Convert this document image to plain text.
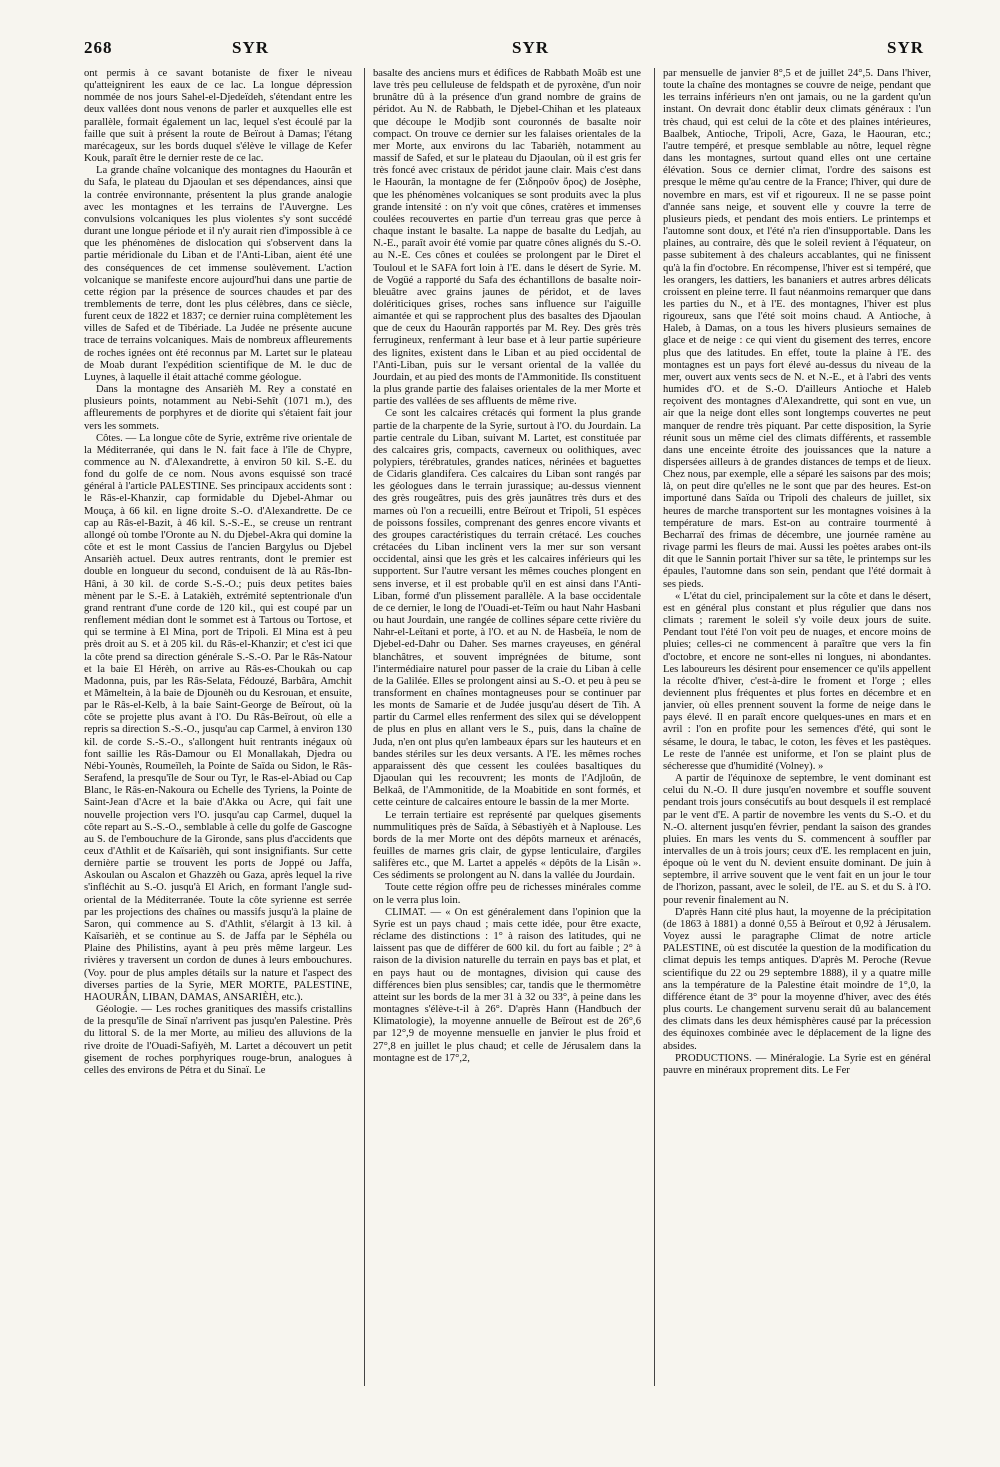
268	SYR	SYR	SYR

ont permis à ce savant botaniste de fixer le niveau qu'atteignirent les eaux de ce lac. La longue dépression nommée de nos jours Sahel-el-Djedeïdeh, s'étendant entre les deux vallées dont nous venons de parler et auxquelles elle est parallèle, formait également un lac, lequel s'est écoulé par la faille que suit à présent la route de Beïrout à Damas; l'étang marécageux, sur les bords duquel s'élève le village de Kefer Kouk, paraît être le dernier reste de ce lac.

La grande chaîne volcanique des montagnes du Haourân et du Safa, le plateau du Djaoulan et ses dépendances, ainsi que la contrée environnante, présentent la plus grande analogie avec les montagnes et les terrains de l'Auvergne. Les convulsions volcaniques les plus violentes s'y sont succédé durant une longue période et il n'y aurait rien d'impossible à ce que les phénomènes de dislocation qui s'observent dans la partie méridionale du Liban et de l'Anti-Liban, aient été une des conséquences de cet immense soulèvement. L'action volcanique se manifeste encore aujourd'hui dans une partie de cette région par la présence de sources chaudes et par des tremblements de terre, dont les plus célèbres, dans ce siècle, furent ceux de 1822 et 1837; ce dernier ruina complètement les villes de Safed et de Tibériade. La Judée ne présente aucune trace de terrains volcaniques. Mais de nombreux affleurements de roches ignées ont été reconnus par M. Lartet sur le plateau de Moab durant l'expédition scientifique de M. le duc de Luynes, à laquelle il était attaché comme géologue.

Dans la montagne des Ansarièh M. Rey a constaté en plusieurs points, notamment au Nebi-Sehît (1071 m.), des affleurements de porphyres et de diorite qui s'étaient fait jour vers les sommets.

Côtes. — La longue côte de Syrie, extrême rive orientale de la Méditerranée, qui dans le N. fait face à l'île de Chypre, commence au N. d'Alexandrette, à environ 50 kil. S.-E. du fond du golfe de ce nom. Nous avons esquissé son tracé général à l'article PALESTINE. Ses principaux accidents sont : le Râs-el-Khanzir, cap formidable du Djebel-Ahmar ou Mouça, à 66 kil. en ligne droite S.-O. d'Alexandrette. De ce cap au Râs-el-Bazit, à 46 kil. S.-S.-E., se creuse un rentrant allongé où tombe l'Oronte au N. du Djebel-Akra qui domine la côte et est le mont Cassius de l'ancien Bargylus ou Djebel Ansarièh actuel. Deux autres rentrants, dont le premier est double en longueur du second, conduisent de là au Râs-Ibn-Hâni, à 30 kil. de corde S.-S.-O.; puis deux petites baies mènent par le S.-E. à Latakièh, extrémité septentrionale d'un grand rentrant d'une corde de 120 kil., qui est coupé par un renflement médian dont le sommet est à Tartous ou Tortose, et qui se termine à El Mina, port de Tripoli. El Mina est à peu près droit au S. et à 205 kil. du Râs-el-Khanzir; et c'est ici que la côte prend sa direction générale S.-S.-O. Par le Râs-Natour et la baie El Hérèh, on arrive au Râs-es-Choukah ou cap Madonna, puis, par les Râs-Selata, Fédouzé, Barbâra, Amchit et Mâmeltein, à la baie de Djounèh ou du Kesrouan, et ensuite, par le Râs-el-Kelb, à la baie Saint-George de Beïrout, où la côte se projette plus avant à l'O. Du Râs-Beïrout, où elle a repris sa direction S.-S.-O., jusqu'au cap Carmel, à environ 130 kil. de corde S.-S.-O., s'allongent huit rentrants inégaux où font saillie les Râs-Damour ou El Monallakah, Djedra ou Nébi-Younès, Roumeïleh, la Pointe de Saïda ou Sidon, le Râs-Serafend, la presqu'île de Sour ou Tyr, le Ras-el-Abiad ou Cap Blanc, le Râs-en-Nakoura ou Echelle des Tyriens, la Pointe de Saint-Jean d'Acre et la baie d'Akka ou Acre, qui fait une nouvelle projection vers l'O. jusqu'au cap Carmel, duquel la côte repart au S.-S.-O., semblable à celle du golfe de Gascogne au S. de l'embouchure de la Gironde, sans plus d'accidents que ceux d'Athlit et de Kaïsarièh, qui sont insignifiants. Sur cette dernière partie se trouvent les ports de Joppé ou Jaffa, Askoulan ou Ascalon et Ghazzèh ou Gaza, après lequel la rive s'infléchit au S.-O. jusqu'à El Arich, en formant l'angle sud-oriental de la Méditerranée. Toute la côte syrienne est serrée par les projections des chaînes ou massifs jusqu'à la plaine de Saron, qui commence au S. d'Athlit, s'élargit à 13 kil. à Kaïsarièh, et se continue au S. de Jaffa par le Séphéla ou Plaine des Philistins, ayant à peu près même largeur. Les rivières y traversent un cordon de dunes à leurs embouchures. (Voy. pour de plus amples détails sur la nature et l'aspect des diverses parties de la Syrie, MER MORTE, PALESTINE, HAOURÂN, LIBAN, DAMAS, ANSARIÈH, etc.).

Géologie. — Les roches granitiques des massifs cristallins de la presqu'île de Sinaï n'arrivent pas jusqu'en Palestine. Près du littoral S. de la mer Morte, au milieu des alluvions de la rive droite de l'Ouadi-Safiyèh, M. Lartet a découvert un petit gisement de roches porphyriques rouge-brun, analogues à celles des environs de Pétra et du Sinaï. Le

basalte des anciens murs et édifices de Rabbath Moâb est une lave très peu celluleuse de feldspath et de pyroxène, d'un noir brunâtre dû à la présence d'un grand nombre de grains de péridot. Au N. de Rabbath, le Djebel-Chihan et les plateaux que découpe le Modjib sont couronnés de basalte noir compact. On trouve ce dernier sur les falaises orientales de la mer Morte, aux environs du lac Tabarièh, notamment au massif de Safed, et sur le plateau du Djaoulan, où il est gris fer très foncé avec cristaux de péridot jaune clair. Mais c'est dans le Haourân, la montagne de fer (Σιδηροῦν ὄρος) de Josèphe, que les phénomènes volcaniques se sont produits avec la plus grande intensité : on n'y voit que cônes, cratères et immenses coulées recouvertes en partie d'un terreau gras que perce à chaque instant le basalte. La nappe de basalte du Ledjah, au N.-E., paraît avoir été vomie par quatre cônes alignés du S.-O. au N.-E. Ces cônes et coulées se prolongent par le Diret el Touloul et le SAFA fort loin à l'E. dans le désert de Syrie. M. de Vogüé a rapporté du Safa des échantillons de basalte noir-bleuâtre avec grains jaunes de péridot, et de laves dolériticiques grises, roches sans influence sur l'aiguille aimantée et qui se rapprochent plus des basaltes des Djaoulan que de ceux du Haourân rapportés par M. Rey. Des grès très ferrugineux, renfermant à leur base et à leur partie supérieure des lignites, existent dans le Liban et au pied occidental de l'Anti-Liban, puis sur le versant oriental de la vallée du Jourdain, et au pied des monts de l'Ammonitide. Ils constituent la plus grande partie des falaises orientales de la mer Morte et partie des vallées de ses affluents de même rive.

Ce sont les calcaires crétacés qui forment la plus grande partie de la charpente de la Syrie, surtout à l'O. du Jourdain. La partie centrale du Liban, suivant M. Lartet, est constituée par des calcaires gris, compacts, caverneux ou oolithiques, avec polypiers, térébratules, grandes natices, nérinées et baguettes de Cidaris glandifera. Ces calcaires du Liban sont rangés par les géologues dans le terrain jurassique; au-dessus viennent des grès rougeâtres, puis des grès jaunâtres très durs et des marnes où l'on a recueilli, entre Beïrout et Tripoli, 51 espèces de poissons fossiles, comprenant des genres encore vivants et des groupes caractéristiques du terrain crétacé. Les couches crétacées du Liban inclinent vers la mer sur son versant occidental, ainsi que les grès et les calcaires inférieurs qui les supportent. Sur l'autre versant les mêmes couches plongent en sens inverse, et il est probable qu'il en est ainsi dans l'Anti-Liban, formé d'un plissement parallèle. A la base occidentale de ce dernier, le long de l'Ouadi-et-Teïm ou haut Nahr Hasbani ou haut Jourdain, une rangée de collines sépare cette rivière du Nahr-el-Leïtani et porte, à l'O. et au N. de Hasbeïa, le nom de Djebel-ed-Dahr ou Daher. Ses marnes crayeuses, en général blanchâtres, et souvent imprégnées de bitume, sont l'intermédiaire naturel pour passer de la craie du Liban à celle de la Galilée. Elles se prolongent ainsi au S.-O. et peu à peu se transforment en chaînes montagneuses pour se continuer par les monts de Samarie et de Judée jusqu'au désert de Tih. A partir du Carmel elles renferment des silex qui se développent de plus en plus en allant vers le S., puis, dans la chaîne de Juda, n'en ont plus qu'en lambeaux épars sur les hauteurs et en bandes stériles sur les deux versants. A l'E. les mêmes roches apparaissent dès que cessent les coulées basaltiques du Djaoulan qui les recouvrent; les monts de l'Adjloûn, de Belkaâ, de l'Ammonitide, de la Moabitide en sont formés, et cette ceinture de calcaires entoure le bassin de la mer Morte.

Le terrain tertiaire est représenté par quelques gisements nummulitiques près de Saïda, à Sébastiyèh et à Naplouse. Les bords de la mer Morte ont des dépôts marneux et arénacés, feuilles de marnes gris clair, de gypse lenticulaire, d'argiles salifères etc., que M. Lartet a appelés « dépôts de la Lisân ». Ces sédiments se prolongent au N. dans la vallée du Jourdain.

Toute cette région offre peu de richesses minérales comme on le verra plus loin.

CLIMAT. — « On est généralement dans l'opinion que la Syrie est un pays chaud ; mais cette idée, pour être exacte, réclame des distinctions : 1° à raison des latitudes, qui ne laissent pas que de différer de 600 kil. du fort au faible ; 2° à raison de la division naturelle du terrain en pays bas et plat, et en pays haut ou de montagnes, division qui cause des différences bien plus sensibles; car, tandis que le thermomètre atteint sur les bords de la mer 31 à 32 ou 33°, à peine dans les montagnes s'élève-t-il à 26°. D'après Hann (Handbuch der Klimatologie), la moyenne annuelle de Beïrout est de 26°,6 par 12°,9 de moyenne mensuelle en janvier le plus froid et 27°,8 en juillet le plus chaud; et celle de Jérusalem dans la montagne est de 17°,2,

par mensuelle de janvier 8°,5 et de juillet 24°,5. Dans l'hiver, toute la chaîne des montagnes se couvre de neige, pendant que les terrains inférieurs n'en ont jamais, ou ne la gardent qu'un instant. On devrait donc établir deux climats généraux : l'un très chaud, qui est celui de la côte et des plaines intérieures, Baalbek, Antioche, Tripoli, Acre, Gaza, le Haouran, etc.; l'autre tempéré, et presque semblable au nôtre, lequel règne dans les montagnes, surtout quand elles ont une certaine élévation. Sous ce dernier climat, l'ordre des saisons est presque le même qu'au centre de la France; l'hiver, qui dure de novembre en mars, est vif et rigoureux. Il ne se passe point d'année sans neige, et souvent elle y couvre la terre de plusieurs pieds, et pendant des mois entiers. Le printemps et l'automne sont doux, et l'été n'a rien d'insupportable. Dans les plaines, au contraire, dès que le soleil revient à l'équateur, on passe subitement à des chaleurs accablantes, qui ne finissent qu'à la fin d'octobre. En récompense, l'hiver est si tempéré, que les orangers, les dattiers, les bananiers et autres arbres délicats croissent en pleine terre. Il faut néanmoins remarquer que dans les parties du N., et à l'E. des montagnes, l'hiver est plus rigoureux, sans que l'été soit moins chaud. A Antioche, à Haleb, à Damas, on a tous les hivers plusieurs semaines de glace et de neige : ce qui vient du gisement des terres, encore plus que des latitudes. En effet, toute la plaine à l'E. des montagnes est un pays fort élevé au-dessus du niveau de la mer, ouvert aux vents secs de N. et N.-E., et à l'abri des vents humides d'O. et de S.-O. D'ailleurs Antioche et Haleb reçoivent des montagnes d'Alexandrette, qui sont en vue, un air que la neige dont elles sont longtemps couvertes ne peut manquer de rendre très piquant. Par cette disposition, la Syrie réunit sous un même ciel des climats différents, et rassemble dans une enceinte étroite des jouissances que la nature a dispersées ailleurs à de grandes distances de temps et de lieux. Chez nous, par exemple, elle a séparé les saisons par des mois; là, on peut dire qu'elles ne le sont que par des heures. Est-on importuné dans Saïda ou Tripoli des chaleurs de juillet, six heures de marche transportent sur les montagnes voisines à la température de mars. Est-on au contraire tourmenté à Becharraï des frimas de décembre, une journée ramène au rivage parmi les fleurs de mai. Aussi les poètes arabes ont-ils dit que le Sannin portait l'hiver sur sa tête, le printemps sur les épaules, l'automne dans son sein, pendant que l'été dormait à ses pieds.

« L'état du ciel, principalement sur la côte et dans le désert, est en général plus constant et plus régulier que dans nos climats ; rarement le soleil s'y voile deux jours de suite. Pendant tout l'été l'on voit peu de nuages, et encore moins de pluies; celles-ci ne commencent à paraître que vers la fin d'octobre, et encore ne sont-elles ni longues, ni abondantes. Les laboureurs les désirent pour ensemencer ce qu'ils appellent la récolte d'hiver, c'est-à-dire le froment et l'orge ; elles deviennent plus fréquentes et plus fortes en décembre et en janvier, où elles prennent souvent la forme de neige dans le pays élevé. Il en paraît encore quelques-unes en mars et en avril : l'on en profite pour les semences d'été, qui sont le sésame, le doura, le tabac, le coton, les fèves et les pastèques. Le reste de l'année est uniforme, et l'on se plaint plus de sécheresse que d'humidité (Volney). »

A partir de l'équinoxe de septembre, le vent dominant est celui du N.-O. Il dure jusqu'en novembre et souffle souvent pendant trois jours consécutifs au bout desquels il est remplacé par le vent d'E. A partir de novembre les vents du S.-O. et du N.-O. alternent jusqu'en février, pendant la saison des grandes pluies. En mars les vents du S. commencent à souffler par intervalles de un à trois jours; ceux d'E. les remplacent en juin, époque où le vent du N. devient ensuite dominant. De juin à septembre, il arrive souvent que le vent fait en un jour le tour de l'horizon, passant, avec le soleil, de l'E. au S. et du S. à l'O. pour revenir finalement au N.

D'après Hann cité plus haut, la moyenne de la précipitation (de 1863 à 1881) a donné 0,55 à Beïrout et 0,92 à Jérusalem. Voyez aussi le paragraphe Climat de notre article PALESTINE, où est discutée la question de la modification du climat depuis les temps antiques. D'après M. Peroche (Revue scientifique du 22 ou 29 septembre 1888), il y a quatre mille ans la température de la Palestine était moindre de 1°,0, la différence étant de 3° pour la moyenne d'hiver, avec des étés plus courts. Le changement survenu serait dû au balancement des climats dans les deux hémisphères causé par la précession des équinoxes combinée avec le déplacement de la ligne des absides.

PRODUCTIONS. — Minéralogie. La Syrie est en général pauvre en minéraux proprement dits. Le Fer
